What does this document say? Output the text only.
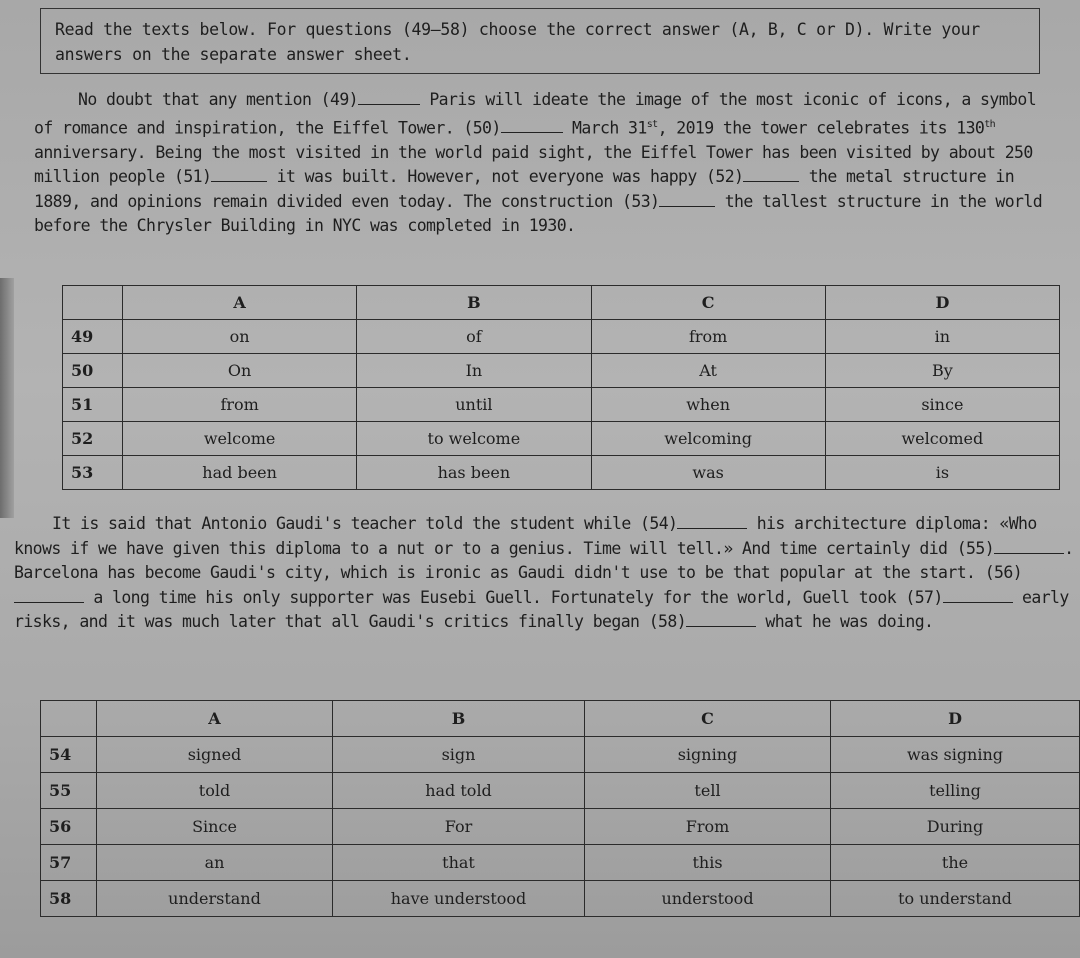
Read the texts below. For questions (49—58) choose the correct answer (A, B, C or D). Write your answers on the separate answer sheet.

No doubt that any mention (49)	Paris will ideate the image of the most iconic of icons, a symbol of romance and inspiration, the Eiffel Tower. (50)	March 31st, 2019 the tower celebrates its 130th anniversary. Being the most visited in the world paid sight, the Eiffel Tower has been visited by about 250 million people (51)	it was built. However, not everyone was happy (52)	the metal structure in 1889, and opinions remain divided even today. The construction (53)	the tallest structure in the world before the Chrysler Building in NYC was completed in 1930.

	A	B	C	D
49	on	of	from	in
50	On	In	At	By
51	from	until	when	since
52	welcome	to welcome	welcoming	welcomed
53	had been	has been	was	is

It is said that Antonio Gaudi's teacher told the student while (54)	his architecture diploma: «Who knows if we have given this diploma to a nut or to a genius. Time will tell.» And time certainly did (55)	. Barcelona has become Gaudi's city, which is ironic as Gaudi didn't use to be that popular at the start. (56) a long time his only supporter was Eusebi Guell. Fortunately for the world, Guell took (57)	early risks, and it was much later that all Gaudi's critics finally began (58)	what he was doing.

	A	B	C	D
54	signed	sign	signing	was signing
55	told	had told	tell	telling
56	Since	For	From	During
57	an	that	this	the
58	understand	have understood	understood	to understand
